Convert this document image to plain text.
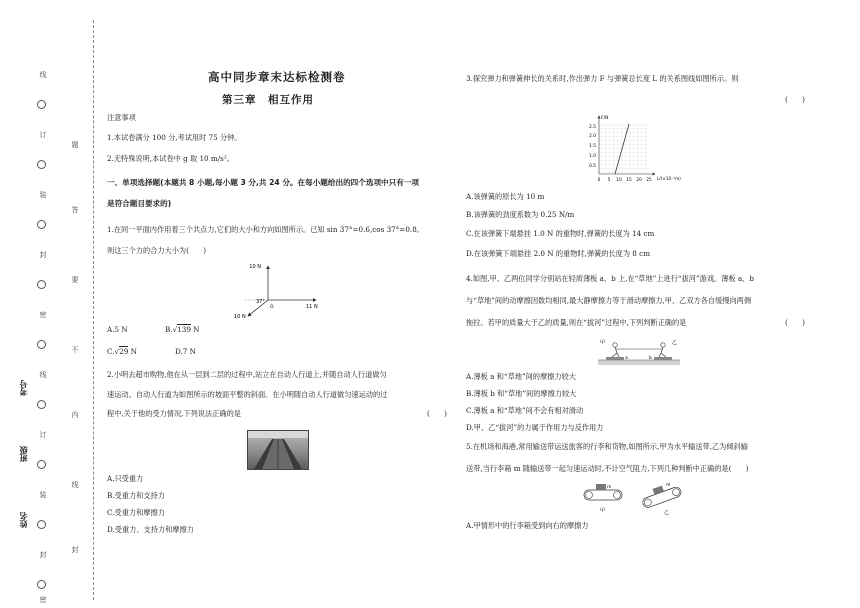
考号
班级
姓名
高中同步章末达标检测卷
第三章　相互作用
注意事项
1.本试卷满分 100 分,考试用时 75 分钟。
2.无特殊说明,本试卷中 g 取 10 m/s²。
一、单项选择题(本题共 8 小题,每小题 3 分,共 24 分。在每小题给出的四个选项中只有一项
是符合题目要求的)
1.在同一平面内作用着三个共点力,它们的大小和方向如图所示。已知 sin 37°=0.6,cos 37°=0.8,
则这三个力的合力大小为(　　)
10 N
11 N
10 N
37°
O
A.5 N	B.√139 N
C.√29 N	D.7 N
2.小明去超市购物,他在从一层到二层的过程中,站立在自动人行道上,并随自动人行道做匀
速运动。自动人行道为如图所示的坡面平整的斜面。在小明随自动人行道做匀速运动的过
程中,关于他的受力情况,下列说法正确的是	(　　)
A.只受重力
B.受重力和支持力
C.受重力和摩擦力
D.受重力、支持力和摩擦力
3.探究弹力和弹簧伸长的关系时,作出弹力 F 与弹簧总长度 L 的关系图线如图所示。则
(　　)
F/N
L/(×10⁻²m)
2.5
2.0
1.5
1.0
0.5
0 5 10 15 20 25
A.该弹簧的原长为 10 m
B.该弹簧的劲度系数为 0.25 N/m
C.在该弹簧下端悬挂 1.0 N 的重物时,弹簧的长度为 14 cm
D.在该弹簧下端悬挂 2.0 N 的重物时,弹簧的长度为 8 cm
4.如图,甲、乙两位同学分别站在轻质薄板 a、b 上,在“草地”上进行“拔河”游戏。薄板 a、b
与“草地”间的动摩擦因数均相同,最大静摩擦力等于滑动摩擦力,甲、乙双方各自缓慢向两侧
拖拉。若甲的质量大于乙的质量,则在“拔河”过程中,下列判断正确的是	(　　)
甲	乙
a	b
A.薄板 a 和“草地”间的摩擦力较大
B.薄板 b 和“草地”间的摩擦力较大
C.薄板 a 和“草地”间不会有相对滑动
D.甲、乙“拔河”的力属于作用力与反作用力
5.在机场和海港,常用输送带运送旅客的行李和货物,如图所示,甲为水平输送带,乙为倾斜输
送带,当行李箱 m 随输送带一起匀速运动时,不计空气阻力,下列几种判断中正确的是(　　)
m
甲
m
乙
A.甲情形中的行李箱受到向右的摩擦力
线
订
装
封
密
线
订
装
封
密
题
答
要
不
内
线
封
